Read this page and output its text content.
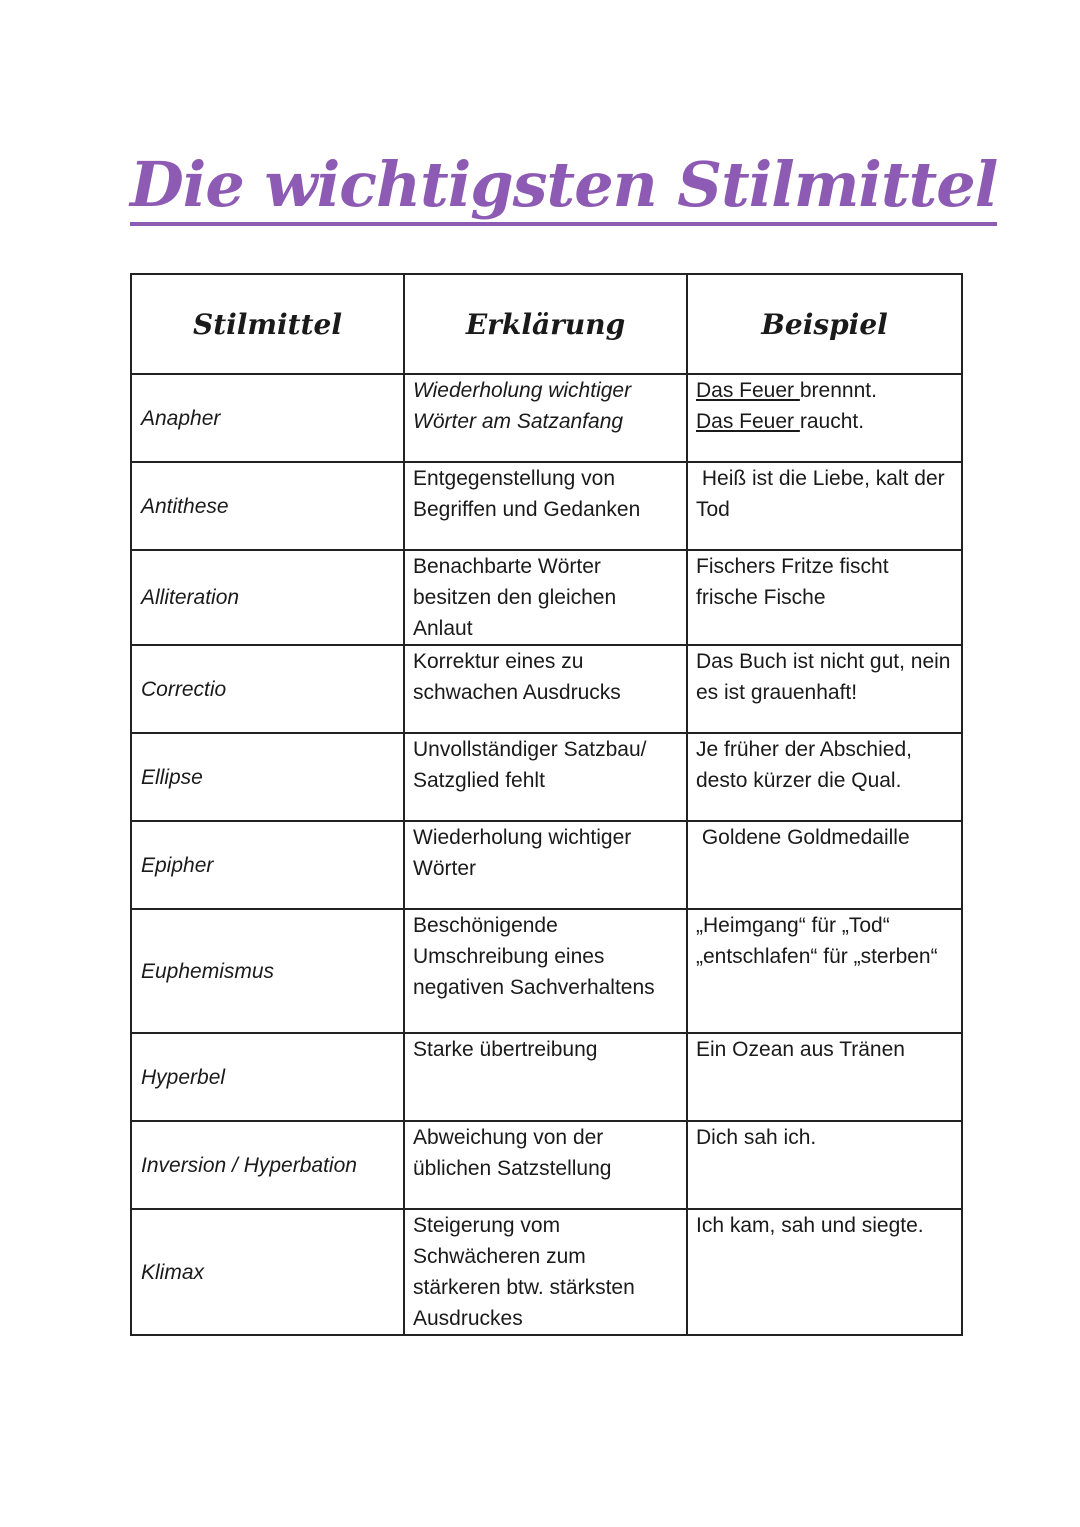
Die wichtigsten Stilmittel
Stilmittel	Erklärung	Beispiel
Anapher	Wiederholung wichtiger Wörter am Satzanfang	Das Feuer brennnt.
Das Feuer raucht.
Antithese	Entgegenstellung von Begriffen und Gedanken	Heiß ist die Liebe, kalt der Tod
Alliteration	Benachbarte Wörter besitzen den gleichen Anlaut	Fischers Fritze fischt frische Fische
Correctio	Korrektur eines zu schwachen Ausdrucks	Das Buch ist nicht gut, nein es ist grauenhaft!
Ellipse	Unvollständiger Satzbau/ Satzglied fehlt	Je früher der Abschied, desto kürzer die Qual.
Epipher	Wiederholung wichtiger Wörter	Goldene Goldmedaille
Euphemismus	Beschönigende Umschreibung eines negativen Sachverhaltens	„Heimgang“ für „Tod“ „entschlafen“ für „sterben“
Hyperbel	Starke übertreibung	Ein Ozean aus Tränen
Inversion / Hyperbation	Abweichung von der üblichen Satzstellung	Dich sah ich.
Klimax	Steigerung vom Schwächeren zum stärkeren btw. stärksten Ausdruckes	Ich kam, sah und siegte.
